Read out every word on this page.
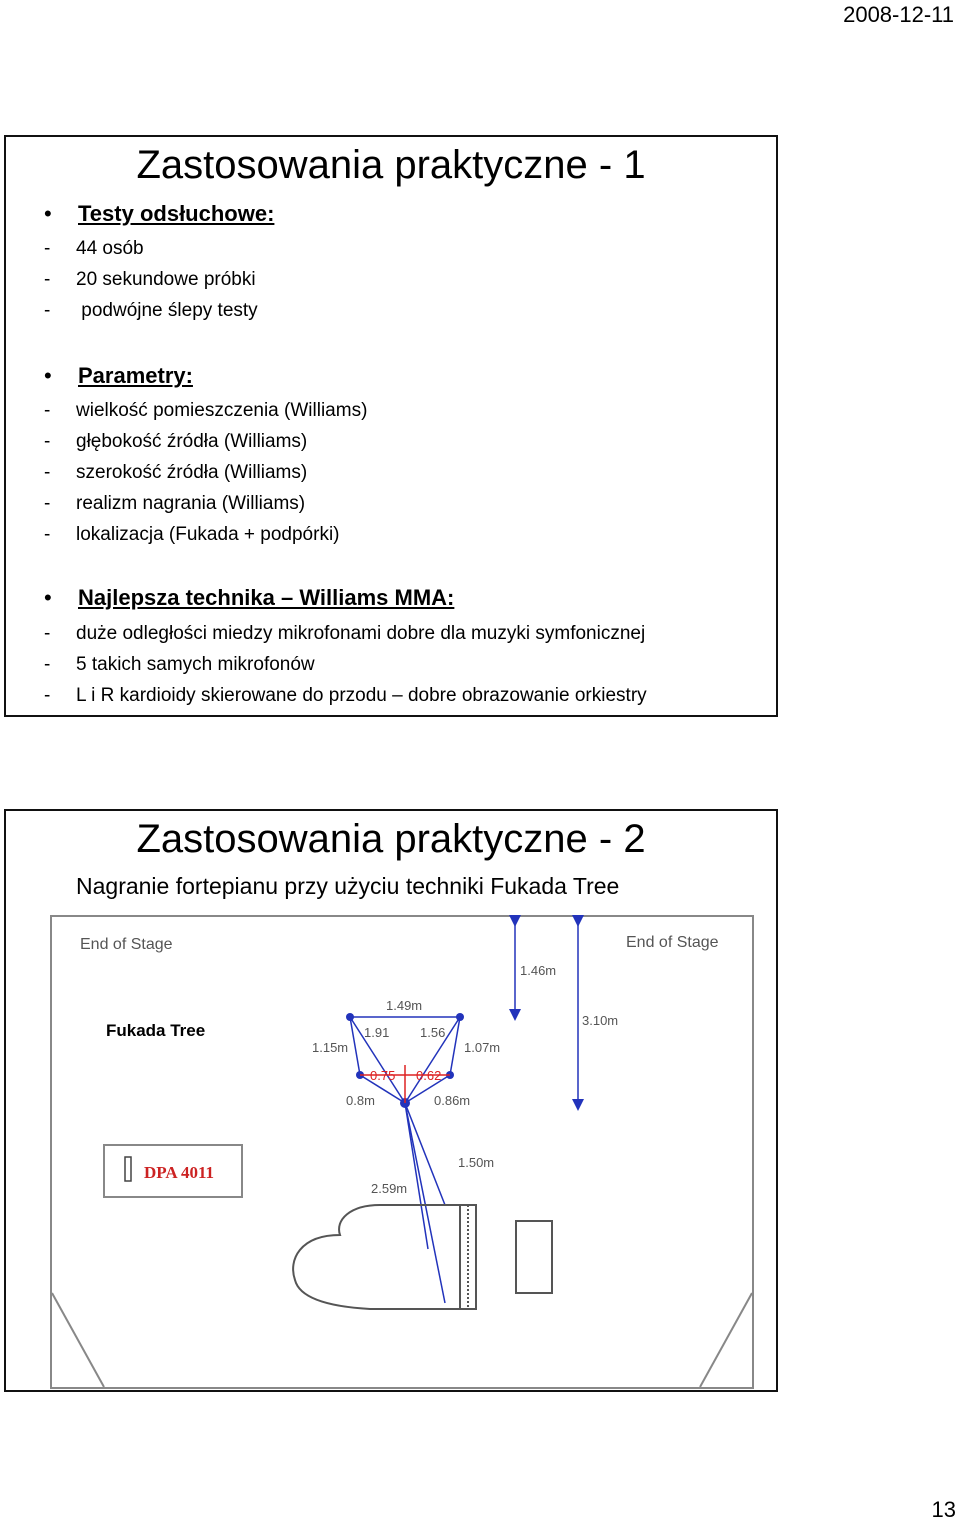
2008-12-11
Zastosowania praktyczne - 1
• Testy odsłuchowe:
- 44 osób
- 20 sekundowe próbki
- podwójne ślepy testy
• Parametry:
- wielkość pomieszczenia (Williams)
- głębokość źródła (Williams)
- szerokość źródła (Williams)
- realizm nagrania (Williams)
- lokalizacja (Fukada + podpórki)
• Najlepsza technika – Williams MMA:
- duże odległości miedzy mikrofonami dobre dla muzyki symfonicznej
- 5 takich samych mikrofonów
- L i R kardioidy skierowane do przodu – dobre obrazowanie orkiestry
Zastosowania praktyczne - 2
Nagranie fortepianu przy użyciu techniki Fukada Tree
End of Stage	End of Stage
Fukada Tree
DPA 4011
1.46m
3.10m
1.49m
1.91 1.56
1.15m	1.07m
0.75 0.62
0.8m	0.86m
1.50m
2.59m
13
